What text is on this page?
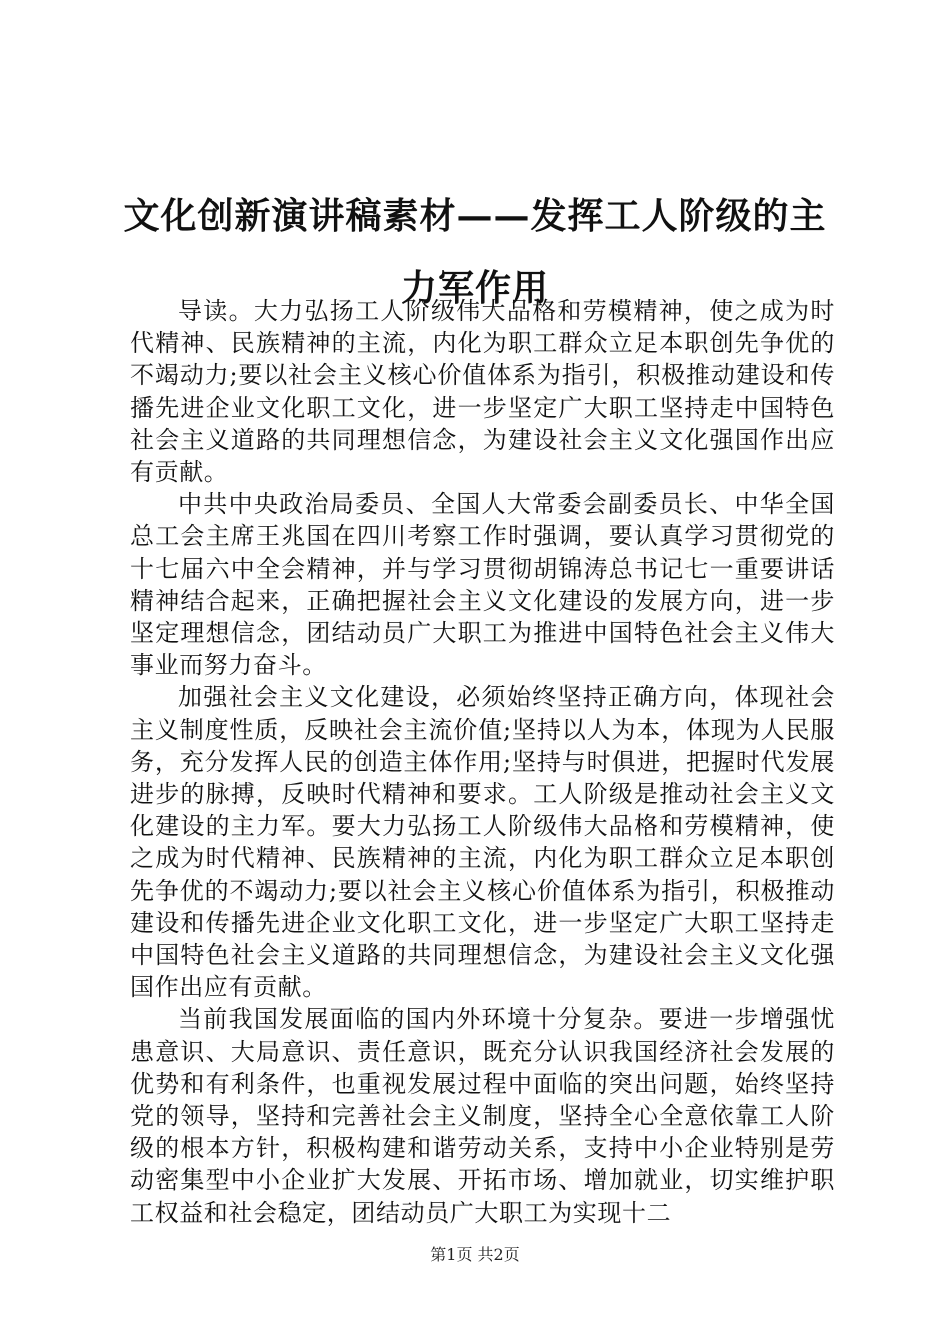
文化创新演讲稿素材——发挥工人阶级的主力军作用

导读。大力弘扬工人阶级伟大品格和劳模精神，使之成为时代精神、民族精神的主流，内化为职工群众立足本职创先争优的不竭动力;要以社会主义核心价值体系为指引，积极推动建设和传播先进企业文化职工文化，进一步坚定广大职工坚持走中国特色社会主义道路的共同理想信念，为建设社会主义文化强国作出应有贡献。

中共中央政治局委员、全国人大常委会副委员长、中华全国总工会主席王兆国在四川考察工作时强调，要认真学习贯彻党的十七届六中全会精神，并与学习贯彻胡锦涛总书记七一重要讲话精神结合起来，正确把握社会主义文化建设的发展方向，进一步坚定理想信念，团结动员广大职工为推进中国特色社会主义伟大事业而努力奋斗。

加强社会主义文化建设，必须始终坚持正确方向，体现社会主义制度性质，反映社会主流价值;坚持以人为本，体现为人民服务，充分发挥人民的创造主体作用;坚持与时俱进，把握时代发展进步的脉搏，反映时代精神和要求。工人阶级是推动社会主义文化建设的主力军。要大力弘扬工人阶级伟大品格和劳模精神，使之成为时代精神、民族精神的主流，内化为职工群众立足本职创先争优的不竭动力;要以社会主义核心价值体系为指引，积极推动建设和传播先进企业文化职工文化，进一步坚定广大职工坚持走中国特色社会主义道路的共同理想信念，为建设社会主义文化强国作出应有贡献。

当前我国发展面临的国内外环境十分复杂。要进一步增强忧患意识、大局意识、责任意识，既充分认识我国经济社会发展的优势和有利条件，也重视发展过程中面临的突出问题，始终坚持党的领导，坚持和完善社会主义制度，坚持全心全意依靠工人阶级的根本方针，积极构建和谐劳动关系，支持中小企业特别是劳动密集型中小企业扩大发展、开拓市场、增加就业，切实维护职工权益和社会稳定，团结动员广大职工为实现十二

第1页 共2页
